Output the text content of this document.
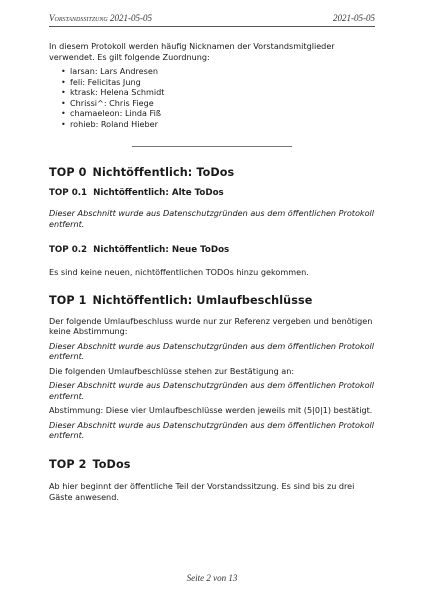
Vorstandssitzung 2021-05-05	2021-05-05

In diesem Protokoll werden häufig Nicknamen der Vorstandsmitglieder verwendet. Es gilt folgende Zuordnung:

• larsan: Lars Andresen
• feli: Felicitas Jung
• ktrask: Helena Schmidt
• Chrissi^: Chris Fiege
• chamaeleon: Linda Fiß
• rohieb: Roland Hieber
TOP 0 Nichtöffentlich: ToDos
TOP 0.1 Nichtöffentlich: Alte ToDos

Dieser Abschnitt wurde aus Datenschutzgründen aus dem öffentlichen Protokoll entfernt.

TOP 0.2 Nichtöffentlich: Neue ToDos

Es sind keine neuen, nichtöffentlichen TODOs hinzu gekommen.

TOP 1 Nichtöffentlich: Umlaufbeschlüsse

Der folgende Umlaufbeschluss wurde nur zur Referenz vergeben und benötigen keine Abstimmung:

Dieser Abschnitt wurde aus Datenschutzgründen aus dem öffentlichen Protokoll entfernt.

Die folgenden Umlaufbeschlüsse stehen zur Bestätigung an:

Dieser Abschnitt wurde aus Datenschutzgründen aus dem öffentlichen Protokoll entfernt.

Abstimmung: Diese vier Umlaufbeschlüsse werden jeweils mit (5|0|1) bestätigt.

Dieser Abschnitt wurde aus Datenschutzgründen aus dem öffentlichen Protokoll entfernt.

TOP 2 ToDos

Ab hier beginnt der öffentliche Teil der Vorstandssitzung. Es sind bis zu drei Gäste anwesend.

Seite 2 von 13
